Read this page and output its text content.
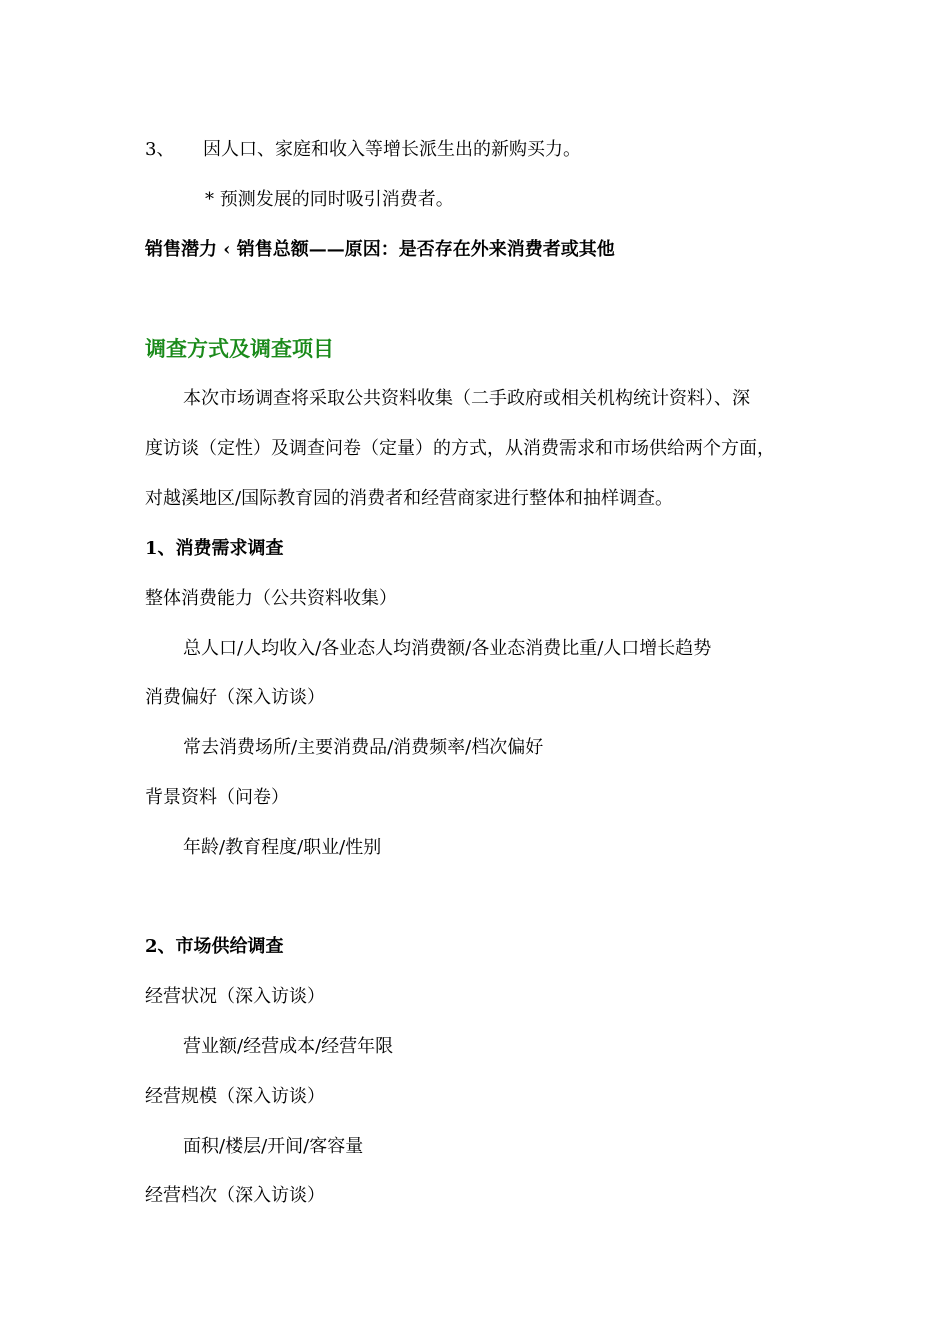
3、 因人口、家庭和收入等增长派生出的新购买力。
* 预测发展的同时吸引消费者。
销售潜力 ‹ 销售总额——原因：是否存在外来消费者或其他
调查方式及调查项目
本次市场调查将采取公共资料收集（二手政府或相关机构统计资料）、深
度访谈（定性）及调查问卷（定量）的方式，从消费需求和市场供给两个方面，
对越溪地区/国际教育园的消费者和经营商家进行整体和抽样调查。
1、消费需求调查
整体消费能力（公共资料收集）
总人口/人均收入/各业态人均消费额/各业态消费比重/人口增长趋势
消费偏好（深入访谈）
常去消费场所/主要消费品/消费频率/档次偏好
背景资料（问卷）
年龄/教育程度/职业/性别
2、市场供给调查
经营状况（深入访谈）
营业额/经营成本/经营年限
经营规模（深入访谈）
面积/楼层/开间/客容量
经营档次（深入访谈）
